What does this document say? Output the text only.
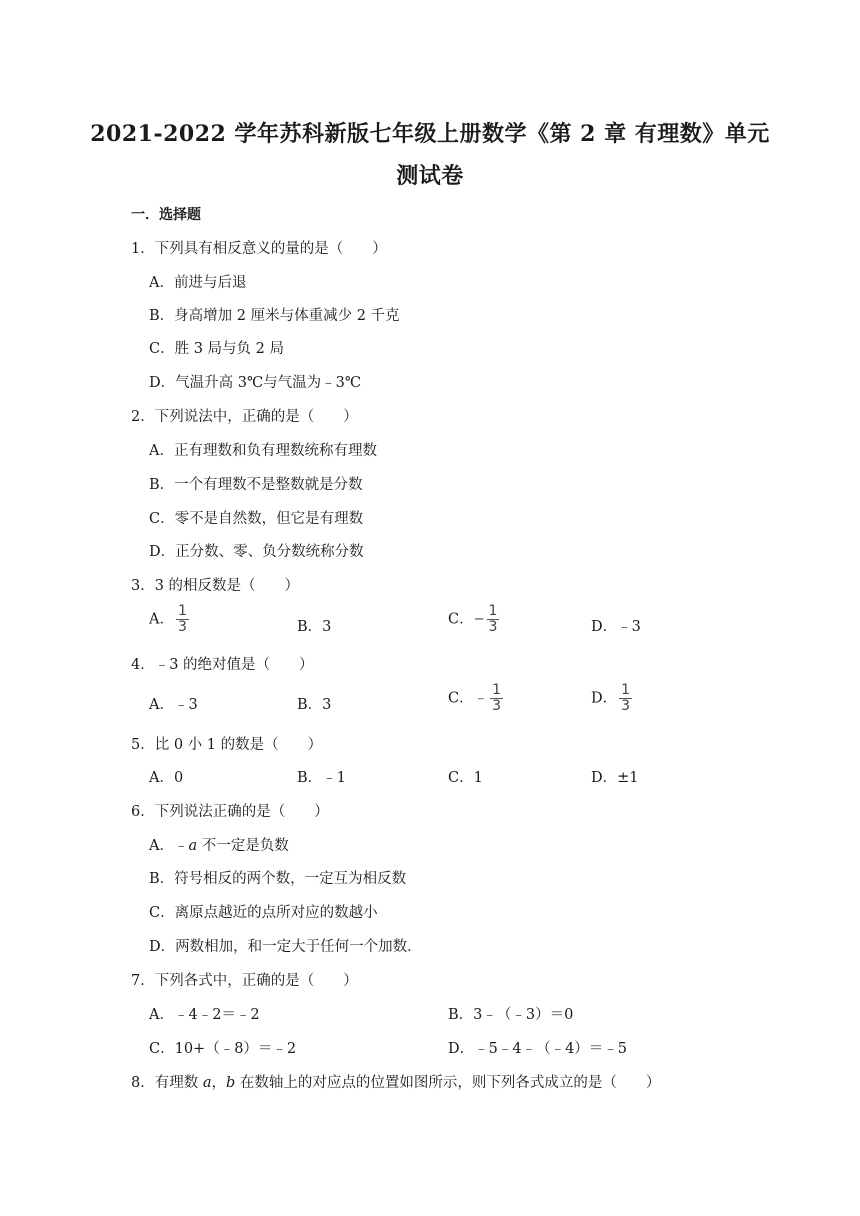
2021-2022 学年苏科新版七年级上册数学《第 2 章 有理数》单元
测试卷
一．选择题
1．下列具有相反意义的量的是（　　）
A．前进与后退
B．身高增加 2 厘米与体重减少 2 千克
C．胜 3 局与负 2 局
D．气温升高 3℃与气温为﹣3℃
2．下列说法中，正确的是（　　）
A．正有理数和负有理数统称有理数
B．一个有理数不是整数就是分数
C．零不是自然数，但它是有理数
D．正分数、零、负分数统称分数
3．3 的相反数是（　　）
A． $\frac{1}{3}$	B．3	C．− $\frac{1}{3}$	D．﹣3
4．﹣3 的绝对值是（　　）
A．﹣3	B．3	C．﹣ $\frac{1}{3}$	D． $\frac{1}{3}$
5．比 0 小 1 的数是（　　）
A．0	B．﹣1	C．1	D．±1
6．下列说法正确的是（　　）
A．﹣a 不一定是负数
B．符号相反的两个数，一定互为相反数
C．离原点越近的点所对应的数越小
D．两数相加，和一定大于任何一个加数．
7．下列各式中，正确的是（　　）
A．﹣4﹣2＝﹣2	B．3﹣（﹣3）＝0
C．10+（﹣8）＝﹣2	D．﹣5﹣4﹣（﹣4）＝﹣5
8．有理数 a，b 在数轴上的对应点的位置如图所示，则下列各式成立的是（　　）
